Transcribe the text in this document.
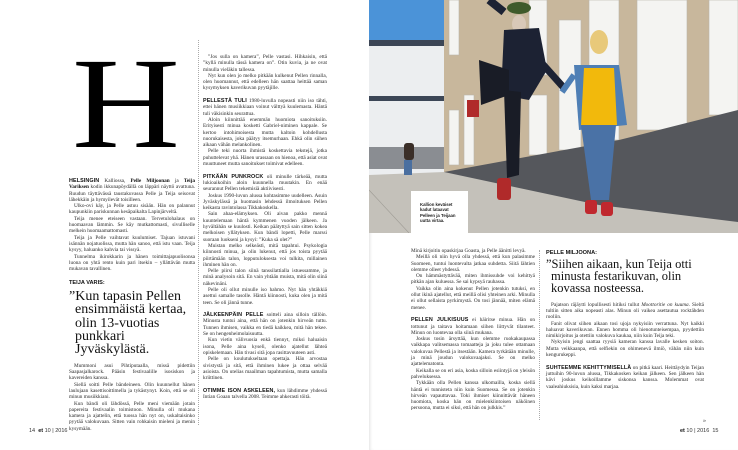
H

HELSINGIN Kalliossa, Pelle Miljoonan ja Teija Variksen kodin ikkunapöydällä on läppäri näyttö avattuna. Ruudun täyttävässä taustakuvassa Pelle ja Teija seisovat lähekkäin ja hymyilevät toisilleen.

Ulko-ovi käy, ja Pelle astuu sisään. Hän on palannut kaupunkiin pariskunnan kesäpaikalta Lapinjärveltä.

Teija menee eteiseen vastaan. Tervetulohalaus on huomaavan lämmin. Se käy mutkattomasti, sivulliselle melkein huomaamattomasti.

Teija ja Pelle vaihtavat kuulumiset. Tajuan istuvani isännän nojatuolissa, mutta hän sanoo, että istu vaan. Teija kysyy, haluanko kahvia tai vissyä.

Tunnelma ikirokkarin ja hänen toimittajapuolisonsa luona on yhtä rento kuin pari itsekin – yllättävän mutta mukavan tavallinen.

TEIJA VARIS:
”Kun tapasin Pellen ensimmäistä kertaa, olin 13-vuotias punkkari Jyväskylästä.

Mummoni asui Pihtiputaalla, missä pidettiin Saapasjalkarock. Pääsin festivaalille isosiskon ja kavereiden kanssa.

Siellä soitti Pelle bändeineen. Olin kuunnellut hänen laulujaan kasettisoittimella ja tykästynyt. Koin, että se oli minun musiikkiani.

Kun bändi oli lähdössä, Pelle meni viemään jotain papereita festivaalin toimistoon. Minulla oli mukana kamera ja ajattelin, että tuossa hän nyt on, uskaltaisinko pyytää valokuvaan. Sitten vain rohkaisin mieleni ja menin kysymään.

”Jos sulla on kamera”, Pelle vastasi. Hihkaisin, että ”kyllä minulla tässä kamera on”. Otin kuvia, ja ne ovat minulla vieläkin tallessa.

Nyt kun olen jo melko pitkään kulkenut Pellen rinnalla, olen huomannut, että edelleen hän saattaa heittää saman kysymyksen kaverikuvan pyytäjille.

PELLESTÄ TULI 1980-luvulla nopeasti niin iso tähti, ettei hänen musiikkiaan voinut välttyä kuulemasta. Häntä tuli väkisinkin seurattua.

Aloin kiinnittää enemmän huomiota sanoituksiin. Erityisesti minua kosketti Gabriel-niminen kappale. Se kertoo intohimoisesta mutta kaltoin kohdellusta nuorukaisesta, joka päätyy itsemurhaan. Ehkä olin siihen aikaan vähän melankolinen.

Pelle teki nuorta ihmistä koskettavia tekstejä, jotka puhuttelevat yhä. Hänen urassaan on hienoa, että asiat ovat muuttuneet mutta sanoitukset toimivat edelleen.

PITKÄÄN PUNKROCK oli minulle tärkeää, mutta lukioaikoihin aloin kuunnella muutakin. En enää seurannut Pellen tekemisiä aktiivisesti.

Joskus 1990-luvun alussa kohtasimme uudelleen. Asuin Jyväskylässä ja huomasin lehdessä ilmoituksen Pellen keikasta ravintolassa Tikkakoskella.

Sain ahaa-elämyksen. Oli aivan pakko mennä kuuntelemaan häntä kymmenen vuoden jälkeen. Ja hyvältähän se kuulosti. Keikan päätyttyä sain sitten kokea melkoisen yllätyksen. Kun bändi lopetti, Pelle marssi suoraan luokseni ja kysyi: ”Kuka sä olet?”

Muistan melko selkeästi, mitä tapahtui. Psykologia kiinnosti minua, ja olin lukenut, että jos toista pyytää piirtämään talon, lopputuloksesta voi tulkita, millainen ihminen hän on.

Pelle piirsi talon siinä tanssilattialla istuessamme, ja minä analysoin sitä. En vain yhtään muista, mitä olin siinä näkevinäni.

Pelle oli ollut minulle iso hahmo. Nyt hän yhtäkkiä asettui samalle tasolle. Häntä kiinnosti, kuka olen ja mitä teen. Se oli jännä tunne.

JÄLKEENPÄIN PELLE soitteli aina silloin tällöin. Minusta tuntui aina, että hän on jotenkin hirveän tuttu. Tunnen ihmisen, vaikka en tiedä kaikkea, mitä hän tekee. Se on hengenheimolaisuutta.

Kun vietin välivuosia enkä tiennyt, miksi haluaisin isona, Pelle aina kyseli, olenko ajatellut lähteä opiskelemaan. Hän tivasi sitä jopa rasittavuuteen asti.

Pelle on koulutukseltaan opettaja. Hän arvostaa sivistystä ja sitä, että ihminen lukee ja ottaa selvää asioista. On utelias maailman tapahtumista, mutta samalla kriittinen.

OTIMME ISON ASKELEEN, kun lähdimme yhdessä Intian Goaan talvella 2008. Teimme ahkerasti töitä.

14 et 10 | 2016
Kallion keväiset kadut lataavat Pelleen ja Teijaan uutta virtaa.

Minä kirjoitin opaskirjaa Goasta, ja Pelle äänitti levyä.

Meillä oli niin hyvä olla yhdessä, että kun palasimme Suomeen, tuntui luontevalta jatkaa suhdetta. Siitä lähtien olemme olleet yhdessä.

On hämmästyttävää, miten ihmissuhde voi kehittyä pitkän ajan kuluessa. Se sai kypsyä rauhassa.

Vaikka olin aina kokenut Pellen jotenkin tutuksi, en ollut ikinä ajatellut, että meillä olisi yhteinen arki. Minulla ei ollut sellaista pyrkimystä. On tosi jännää, miten elämä menee.

PELLEN JULKISUUS ei häiritse minua. Hän on tottunut ja taitava hoitamaan siihen liittyvät tilanteet. Minun on luontevaa olla siinä mukana.

Joskus tosin ärsyttää, kun olemme ruokakaupassa vaikkapa valitsemassa tomaatteja ja joku tulee ottamaan valokuvaa Pellestä ja itsestään. Kamera tyrkätään minulle, ja minä joudun valokuvaajaksi. Se on melko ajattelematonta.

Keikalla se on eri asia, koska silloin esiintyjä on yleisön palveluksessa.

Tykkään olla Pellen kanssa ulkomailla, koska siellä häntä ei tunnisteta niin kuin Suomessa. Se on jotenkin hirveän vapauttavaa. Toki ihmiset kiinnittävät häneen huomiota, koska hän on mielenkiintoisen näköinen persoona, mutta ei siksi, että hän on julkkis.”

PELLE MILJOONA:
”Siihen aikaan, kun Teija otti minusta festarikuvan, olin kovassa nosteessa.

Pajatson räjäytti lopullisesti hitiksi tullut Moottoritie on kuuma. Sieltä tultiin sitten aika nopeasti alas. Minun oli vaikea asettautua rocktähden rooliin.

Fanit olivat siihen aikaan tosi ujoja nykyisiin verrattuna. Nyt kaikki haluavat kaverikuvan. Ennen homma oli hienotunteisempaa, pyydettiin nimikirjoitus ja otettiin valokuva kaukaa, niin kuin Teija teki.

Nykyisin jengi saattaa ryysiä kameran kanssa lavalle kesken soiton. Mutta veikkaanpa, että selfiekin on ohimenevä ilmiö, vähän niin kuin kengurukeppi.

SUHTEEMME KEHITTYMISELLÄ on pitkä kaari. Heittäydyin Teijan juttuihin 90-luvun alussa, Tikkakosken keikan jälkeen. Sen jälkeen hän kävi joskus keikoillamme siskonsa kanssa. Molemmat ovat vaaleahiuksisia, kuin kaksi marjaa.

»
et 10 | 2016 15
